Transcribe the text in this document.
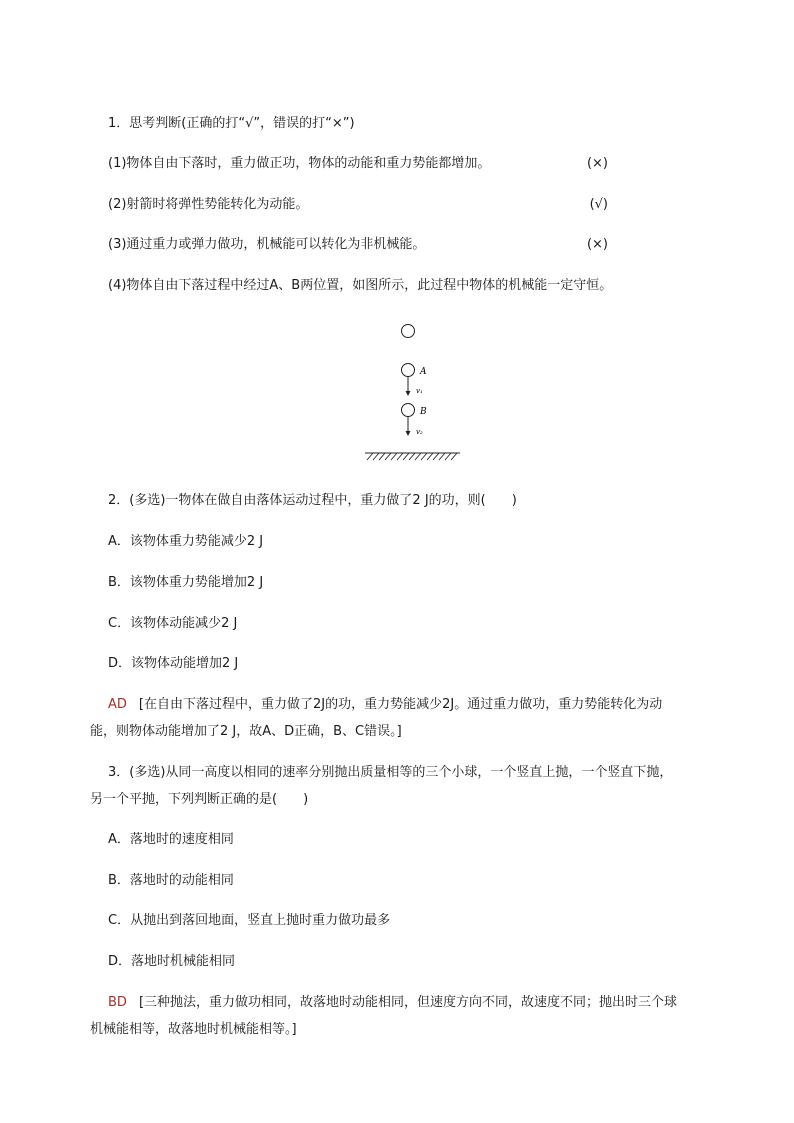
1．思考判断(正确的打“√”，错误的打“×”)
(1)物体自由下落时，重力做正功，物体的动能和重力势能都增加。	(×)
(2)射箭时将弹性势能转化为动能。	(√)
(3)通过重力或弹力做功，机械能可以转化为非机械能。	(×)
(4)物体自由下落过程中经过A、B两位置，如图所示，此过程中物体的机械能一定守恒。
A
v₁
B
v₂
2．(多选)一物体在做自由落体运动过程中，重力做了2 J的功，则(　　)
A．该物体重力势能减少2 J
B．该物体重力势能增加2 J
C．该物体动能减少2 J
D．该物体动能增加2 J
AD [在自由下落过程中，重力做了2J的功，重力势能减少2J。通过重力做功，重力势能转化为动
能，则物体动能增加了2 J，故A、D正确，B、C错误。]
3．(多选)从同一高度以相同的速率分别抛出质量相等的三个小球，一个竖直上抛，一个竖直下抛，
另一个平抛，下列判断正确的是(　　)
A．落地时的速度相同
B．落地时的动能相同
C．从抛出到落回地面，竖直上抛时重力做功最多
D．落地时机械能相同
BD [三种抛法，重力做功相同，故落地时动能相同，但速度方向不同，故速度不同；抛出时三个球
机械能相等，故落地时机械能相等。]
